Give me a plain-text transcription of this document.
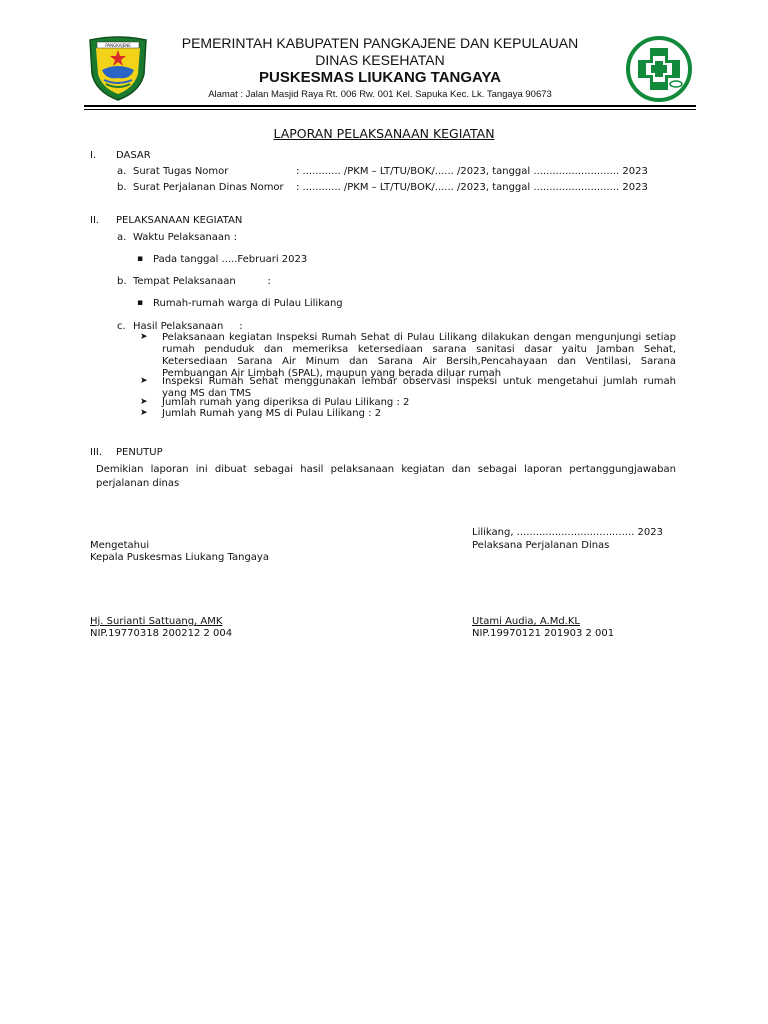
PANGKAJENE	PEMERINTAH KABUPATEN PANGKAJENE DAN KEPULAUAN
DINAS KESEHATAN
PUSKESMAS LIUKANG TANGAYA
Alamat : Jalan Masjid Raya Rt. 006 Rw. 001 Kel. Sapuka Kec. Lk. Tangaya 90673
LAPORAN PELAKSANAAN KEGIATAN
I. DASAR
a. Surat Tugas Nomor	: ............ /PKM – LT/TU/BOK/...... /2023, tanggal ........................... 2023
b. Surat Perjalanan Dinas Nomor : ............ /PKM – LT/TU/BOK/...... /2023, tanggal ........................... 2023
II. PELAKSANAAN KEGIATAN
a. Waktu Pelaksanaan :
▪ Pada tanggal .....Februari 2023
b. Tempat Pelaksanaan          :
▪ Rumah-rumah warga di Pulau Lilikang
c. Hasil Pelaksanaan     :
➤ Pelaksanaan kegiatan Inspeksi Rumah Sehat di Pulau Lilikang dilakukan dengan mengunjungi setiap rumah penduduk dan memeriksa ketersediaan sarana sanitasi dasar yaitu Jamban Sehat, Ketersediaan Sarana Air Minum dan Sarana Air Bersih,Pencahayaan dan Ventilasi, Sarana Pembuangan Air Limbah (SPAL), maupun yang berada diluar rumah
➤ Inspeksi Rumah Sehat menggunakan lembar observasi inspeksi untuk mengetahui jumlah rumah yang MS dan TMS
➤ Jumlah rumah yang diperiksa di Pulau Lilikang : 2
➤ Jumlah Rumah yang MS di Pulau Lilikang : 2
III. PENUTUP
Demikian laporan ini dibuat sebagai hasil pelaksanaan kegiatan dan sebagai laporan pertanggungjawaban perjalanan dinas
Lilikang, ..................................... 2023
Mengetahui	Pelaksana Perjalanan Dinas
Kepala Puskesmas Liukang Tangaya
Hj. Surianti Sattuang, AMK	Utami Audia, A.Md.KL
NIP.19770318 200212 2 004	NIP.19970121 201903 2 001
